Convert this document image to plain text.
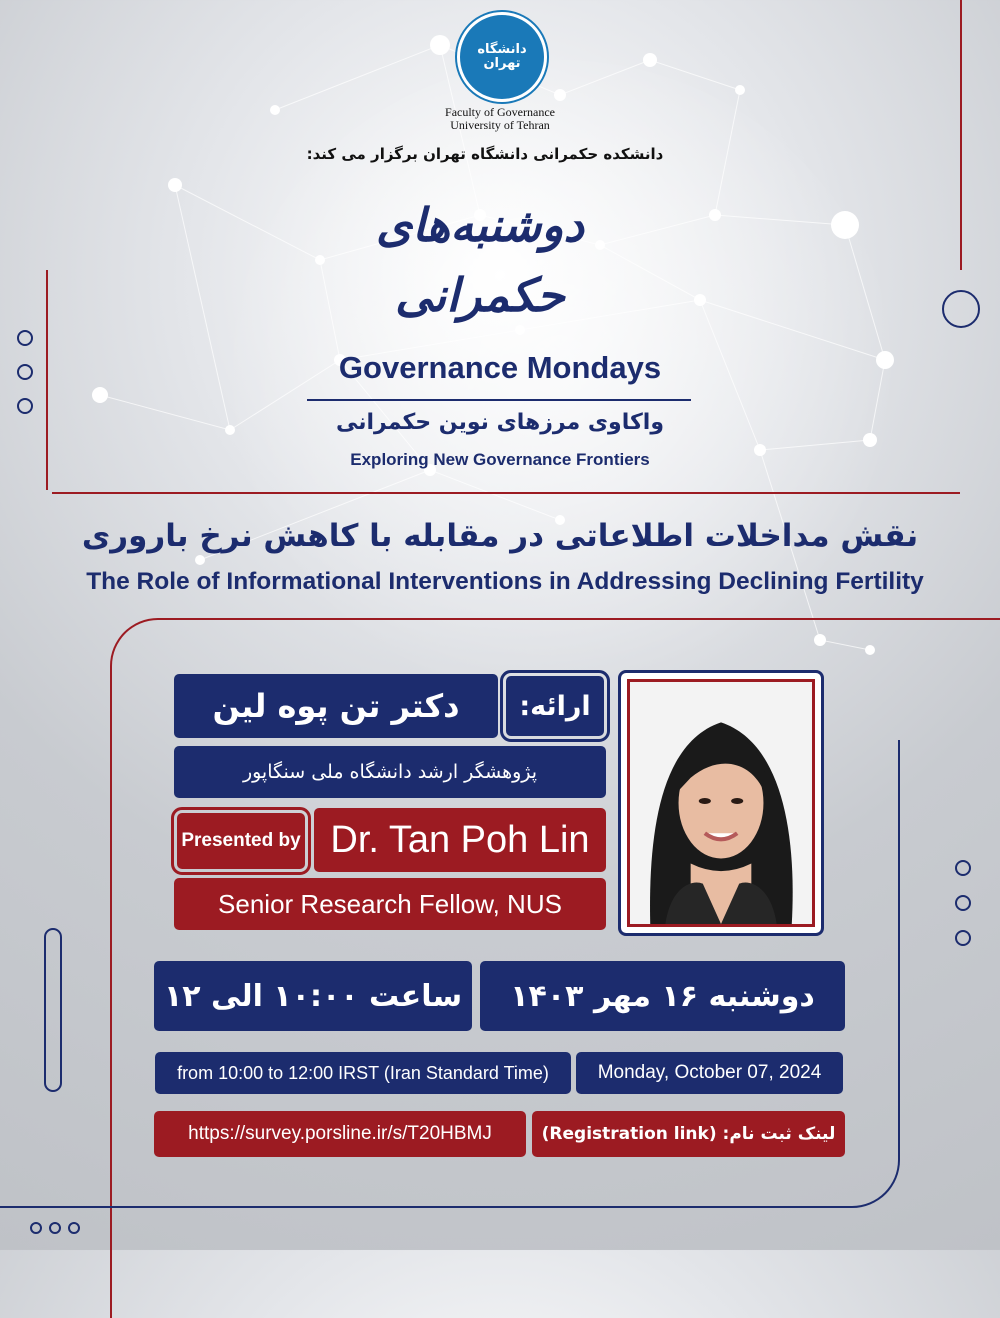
دانشگاه تهران
Faculty of Governance
University of Tehran
دانشکده حکمرانی دانشگاه تهران برگزار می کند:
دوشنبه‌های حکمرانی
Governance Mondays
واکاوی مرزهای نوین حکمرانی
Exploring New Governance Frontiers
نقش مداخلات اطلاعاتی در مقابله با کاهش نرخ باروری
The Role of Informational Interventions in Addressing Declining Fertility
ارائه:
دکتر تن پوه لین
پژوهشگر ارشد دانشگاه ملی سنگاپور
Presented by Dr. Tan Poh Lin
Senior Research Fellow, NUS
دوشنبه ۱۶ مهر ۱۴۰۳
ساعت ۱۰:۰۰ الی ۱۲
Monday, October 07, 2024
from 10:00 to 12:00 IRST (Iran Standard Time)
لینک ثبت نام: (Registration link)
https://survey.porsline.ir/s/T20HBMJ
